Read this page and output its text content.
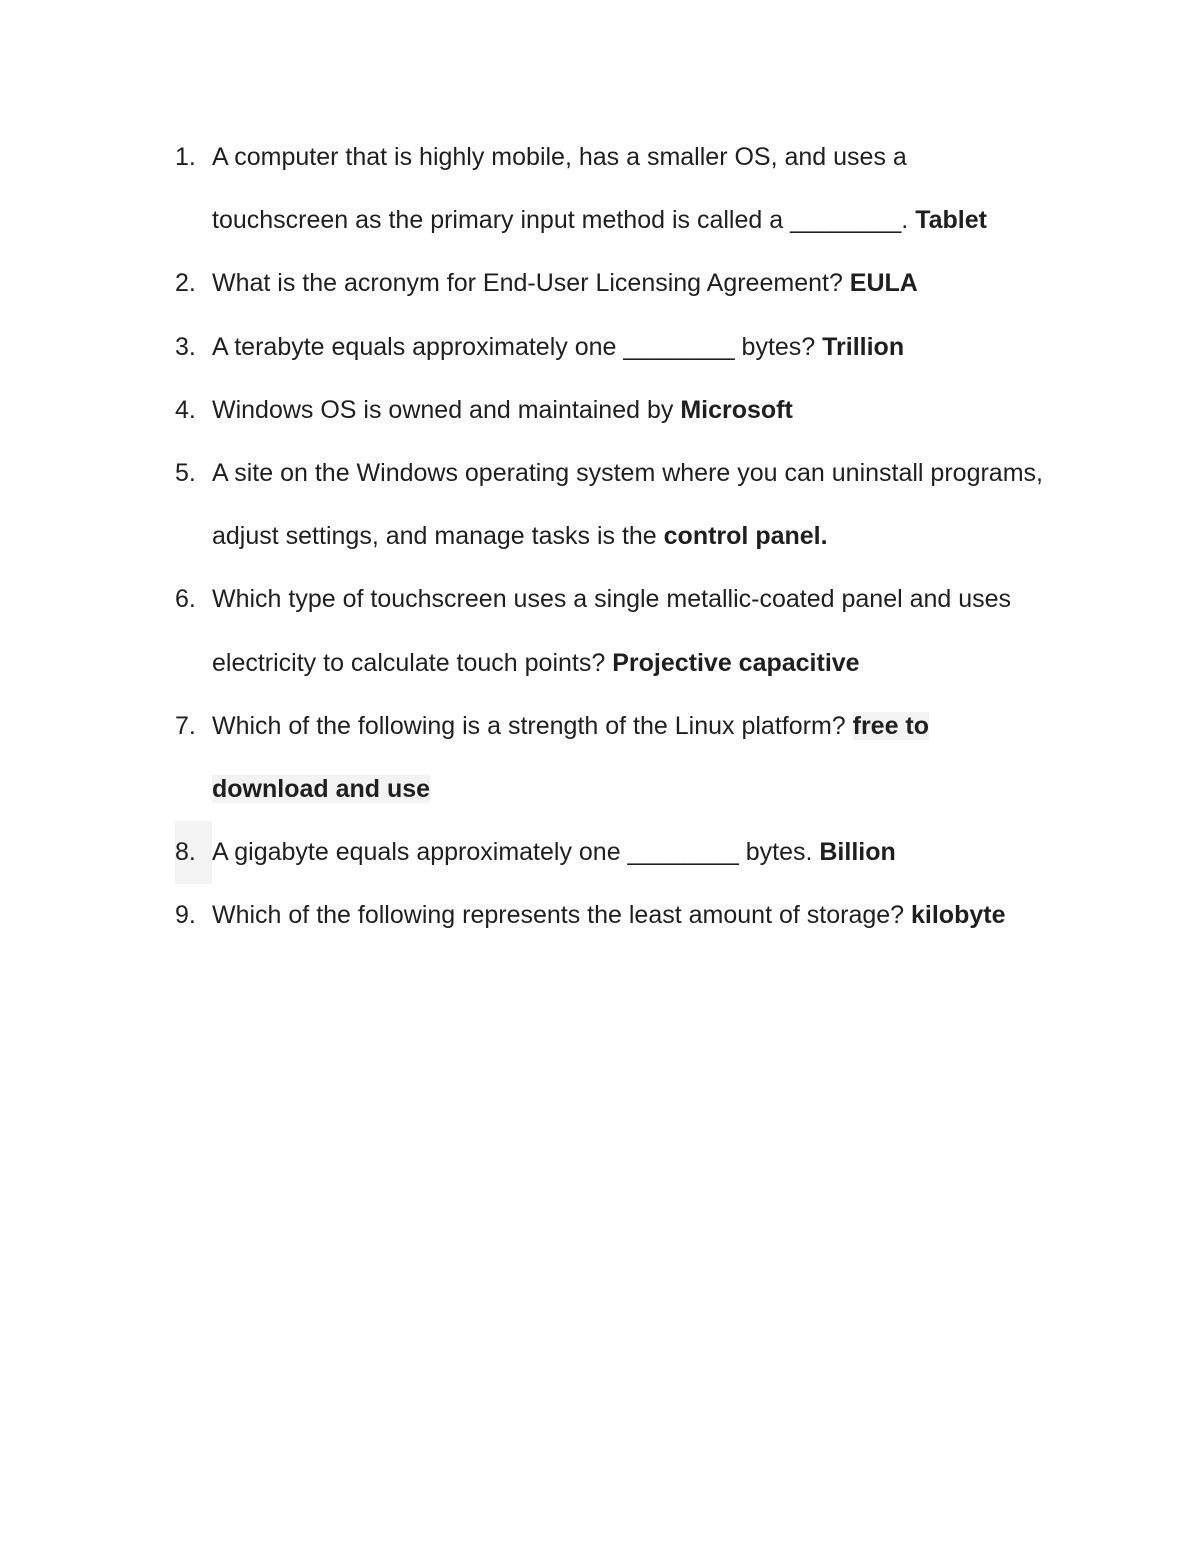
1. A computer that is highly mobile, has a smaller OS, and uses a touchscreen as the primary input method is called a ________. Tablet
2. What is the acronym for End-User Licensing Agreement? EULA
3. A terabyte equals approximately one ________ bytes? Trillion
4. Windows OS is owned and maintained by Microsoft
5. A site on the Windows operating system where you can uninstall programs, adjust settings, and manage tasks is the control panel.
6. Which type of touchscreen uses a single metallic-coated panel and uses electricity to calculate touch points? Projective capacitive
7. Which of the following is a strength of the Linux platform? free to download and use
8. A gigabyte equals approximately one ________ bytes. Billion
9. Which of the following represents the least amount of storage? kilobyte
